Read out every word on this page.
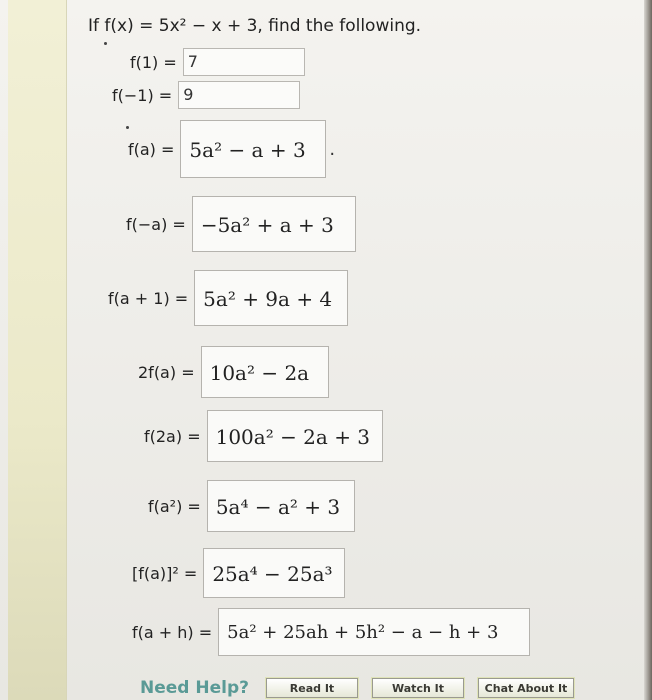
If f(x) = 5x² − x + 3, find the following.
f(1) = 7
f(−1) = 9
f(a) = 5a² − a + 3	.
f(−a) = −5a² + a + 3
f(a + 1) = 5a² + 9a + 4
2f(a) = 10a² − 2a
f(2a) = 100a² − 2a + 3
f(a²) = 5a⁴ − a² + 3
[f(a)]² = 25a⁴ − 25a³
f(a + h) = 5a² + 25ah + 5h² − a − h + 3
Need Help?	Read It	Watch It	Chat About It
